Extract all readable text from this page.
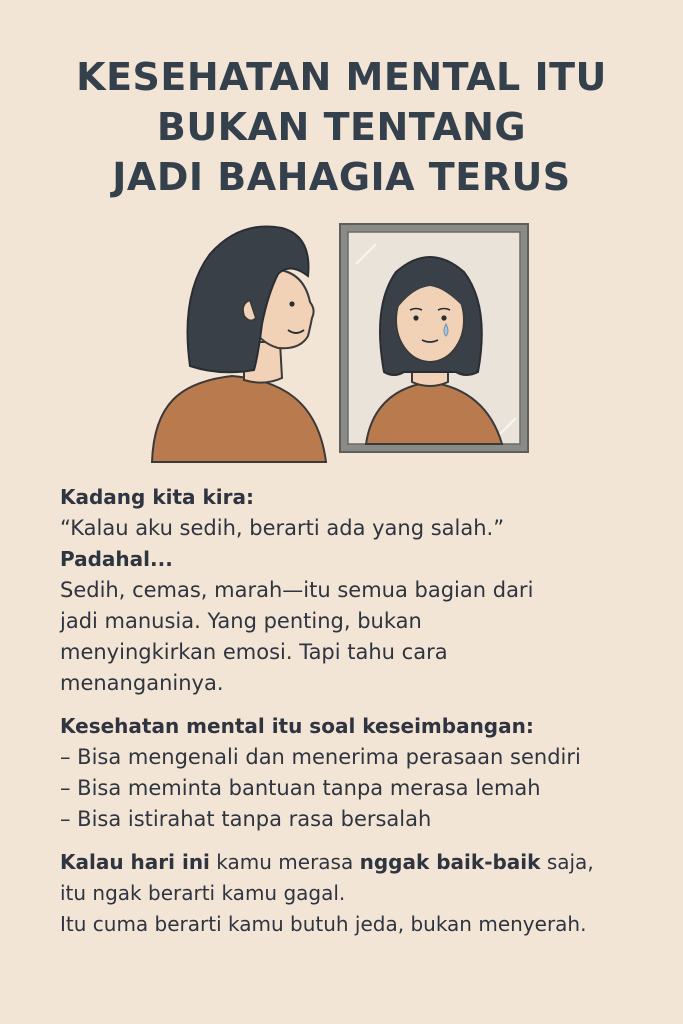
KESEHATAN MENTAL ITU
BUKAN TENTANG
JADI BAHAGIA TERUS
Kadang kita kira:
“Kalau aku sedih, berarti ada yang salah.”
Padahal...
Sedih, cemas, marah—itu semua bagian dari
jadi manusia. Yang penting, bukan
menyingkirkan emosi. Tapi tahu cara
menanganinya.
Kesehatan mental itu soal keseimbangan:
– Bisa mengenali dan menerima perasaan sendiri
– Bisa meminta bantuan tanpa merasa lemah
– Bisa istirahat tanpa rasa bersalah
Kalau hari ini kamu merasa nggak baik-baik saja,
itu ngak berarti kamu gagal.
Itu cuma berarti kamu butuh jeda, bukan menyerah.
